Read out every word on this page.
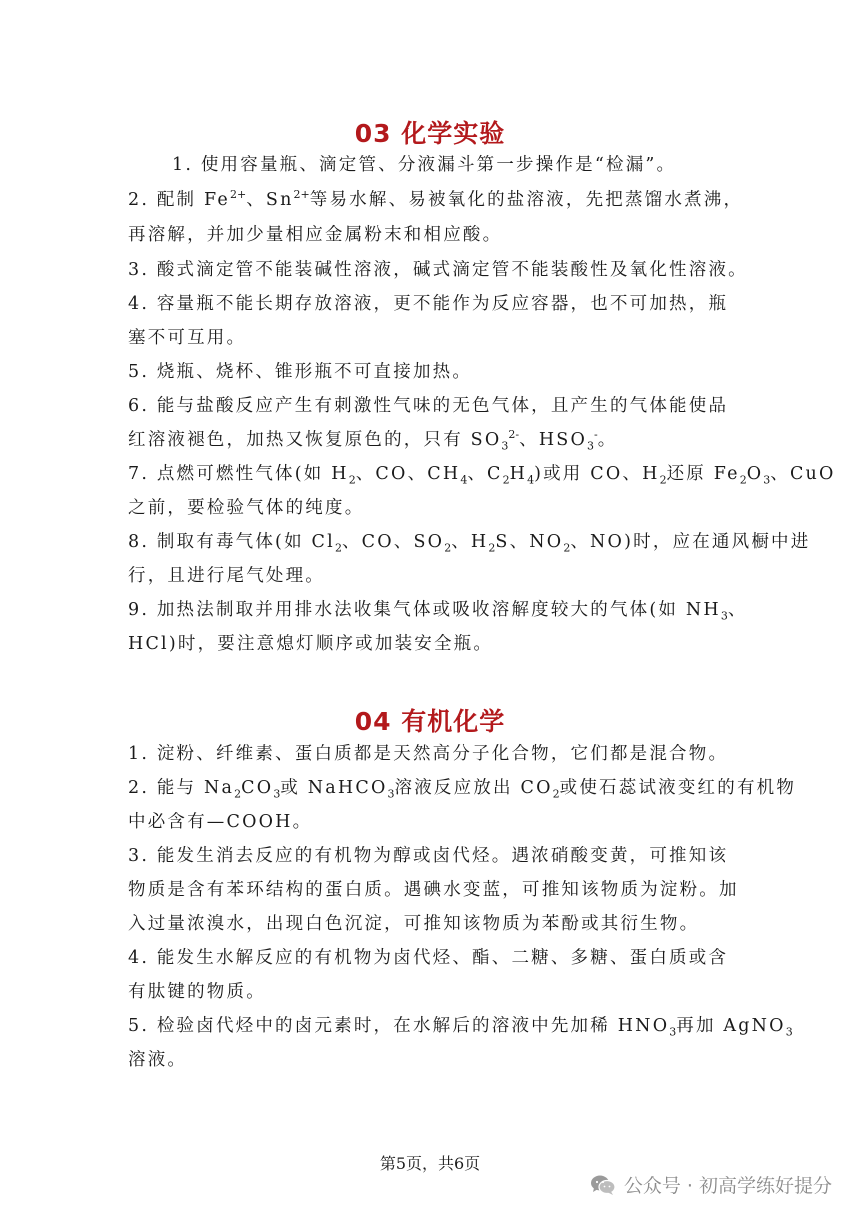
03 化学实验
1. 使用容量瓶、滴定管、分液漏斗第一步操作是“检漏”。
2. 配制 $Fe^{2+}$、$Sn^{2+}$等易水解、易被氧化的盐溶液，先把蒸馏水煮沸，
再溶解，并加少量相应金属粉末和相应酸。
3. 酸式滴定管不能装碱性溶液，碱式滴定管不能装酸性及氧化性溶液。
4. 容量瓶不能长期存放溶液，更不能作为反应容器，也不可加热，瓶
塞不可互用。
5. 烧瓶、烧杯、锥形瓶不可直接加热。
6. 能与盐酸反应产生有刺激性气味的无色气体，且产生的气体能使品
红溶液褪色，加热又恢复原色的，只有 $SO_3^{2-}$、$HSO_3^-$。
7. 点燃可燃性气体(如 $H_2$、CO、$CH_4$、$C_2H_4$)或用 CO、$H_2$还原 $Fe_2O_3$、CuO
之前，要检验气体的纯度。
8. 制取有毒气体(如 $Cl_2$、CO、$SO_2$、$H_2S$、$NO_2$、NO)时，应在通风橱中进
行，且进行尾气处理。
9. 加热法制取并用排水法收集气体或吸收溶解度较大的气体(如 $NH_3$、
HCl)时，要注意熄灯顺序或加装安全瓶。
04 有机化学
1. 淀粉、纤维素、蛋白质都是天然高分子化合物，它们都是混合物。
2. 能与 $Na_2CO_3$或 NaHCO$_3$溶液反应放出 $CO_2$或使石蕊试液变红的有机物
中必含有—COOH。
3. 能发生消去反应的有机物为醇或卤代烃。遇浓硝酸变黄，可推知该
物质是含有苯环结构的蛋白质。遇碘水变蓝，可推知该物质为淀粉。加
入过量浓溴水，出现白色沉淀，可推知该物质为苯酚或其衍生物。
4. 能发生水解反应的有机物为卤代烃、酯、二糖、多糖、蛋白质或含
有肽键的物质。
5. 检验卤代烃中的卤元素时，在水解后的溶液中先加稀 $HNO_3$再加 AgNO$_3$
溶液。
第5页，共6页
公众号 · 初高学练好提分
